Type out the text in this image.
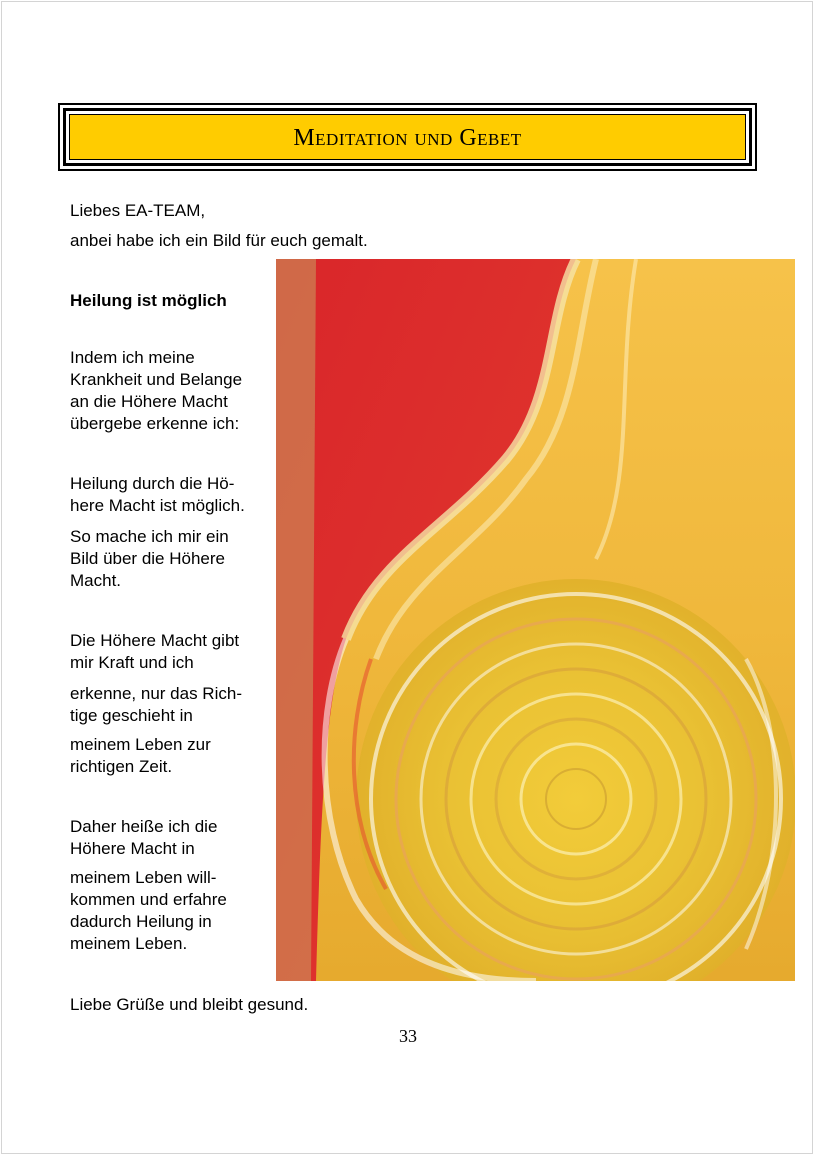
Meditation und Gebet
Liebes EA-TEAM,
anbei habe ich ein Bild für euch gemalt.
Heilung ist möglich
Indem ich meine
Krankheit und Belange
an die Höhere Macht
übergebe erkenne ich:
Heilung durch die Hö-
here Macht ist möglich.
So mache ich mir ein
Bild über die Höhere
Macht.
Die Höhere Macht gibt
mir Kraft und ich
erkenne, nur das Rich-
tige geschieht in
meinem Leben zur
richtigen Zeit.
Daher heiße ich die
Höhere Macht in
meinem Leben will-
kommen und erfahre
dadurch Heilung in
meinem Leben.
Liebe Grüße und bleibt gesund.
33
